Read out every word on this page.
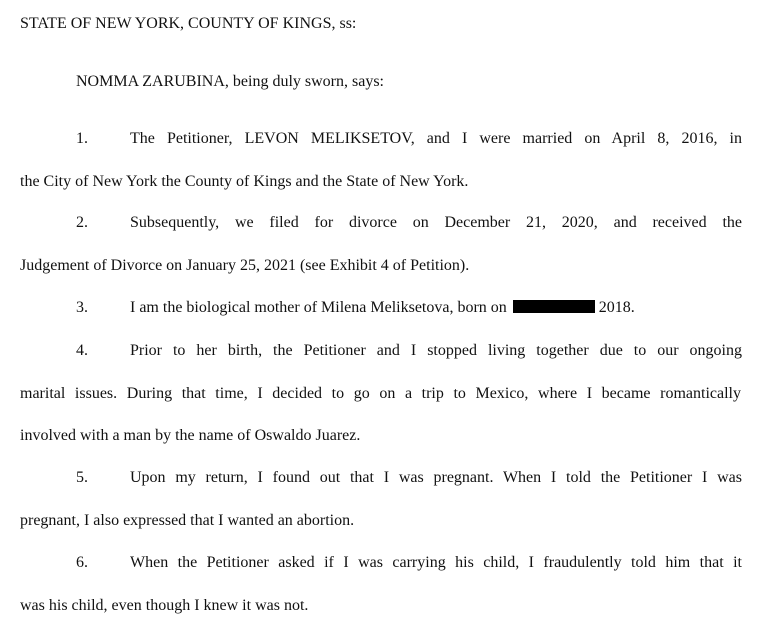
STATE OF NEW YORK, COUNTY OF KINGS, ss:
NOMMA ZARUBINA, being duly sworn, says:
1.	The Petitioner, LEVON MELIKSETOV, and I were married on April 8, 2016, in
the City of New York the County of Kings and the State of New York.
2.	Subsequently, we filed for divorce on December 21, 2020, and received the
Judgement of Divorce on January 25, 2021 (see Exhibit 4 of Petition).
3.	I am the biological mother of Milena Meliksetova, born on	2018.
4.	Prior to her birth, the Petitioner and I stopped living together due to our ongoing
marital issues. During that time, I decided to go on a trip to Mexico, where I became romantically
involved with a man by the name of Oswaldo Juarez.
5.	Upon my return, I found out that I was pregnant. When I told the Petitioner I was
pregnant, I also expressed that I wanted an abortion.
6.	When the Petitioner asked if I was carrying his child, I fraudulently told him that it
was his child, even though I knew it was not.
